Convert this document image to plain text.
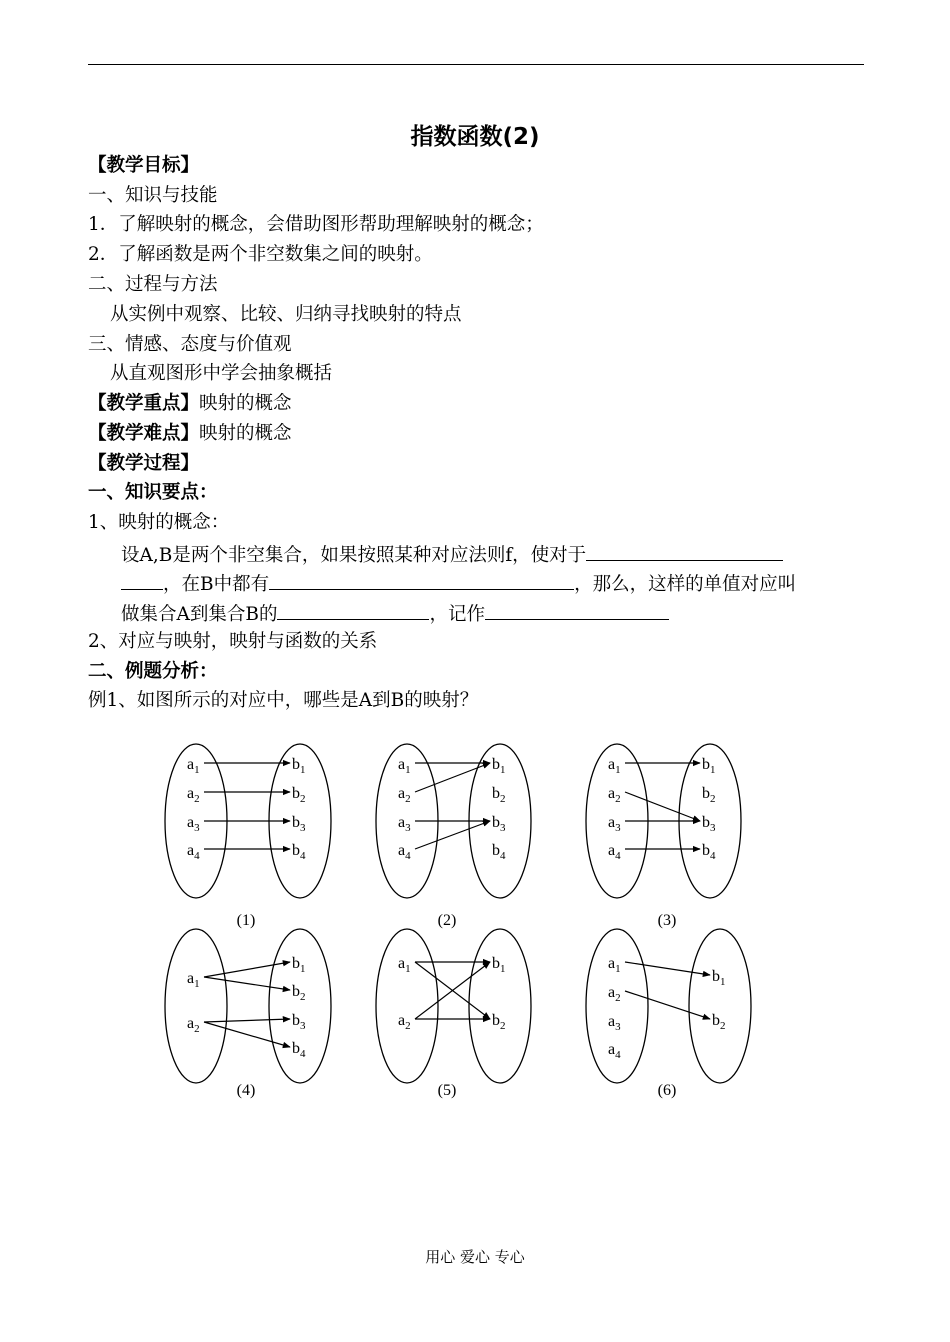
指数函数(2)
【教学目标】
一、知识与技能
1．了解映射的概念，会借助图形帮助理解映射的概念；
2．了解函数是两个非空数集之间的映射。
二、过程与方法
从实例中观察、比较、归纳寻找映射的特点
三、情感、态度与价值观
从直观图形中学会抽象概括
【教学重点】映射的概念
【教学难点】映射的概念
【教学过程】
一、知识要点：
1、映射的概念：
设A,B是两个非空集合，如果按照某种对应法则f，使对于
，在B中都有	，那么，这样的单值对应叫
做集合A到集合B的	，记作
2、对应与映射，映射与函数的关系
二、例题分析：
例1、如图所示的对应中，哪些是A到B的映射？
$a_1$
$a_2$
$a_3$
$a_4$
$b_1$
$b_2$
$b_3$
$b_4$
(1)
$a_1$
$a_2$
$a_3$
$a_4$
$b_1$
$b_2$
$b_3$
$b_4$
(2)
$a_1$
$a_2$
$a_3$
$a_4$
$b_1$
$b_2$
$b_3$
$b_4$
(3)
$a_1$
$a_2$
$b_1$
$b_2$
$b_3$
$b_4$
(4)
$a_1$
$a_2$
$b_1$
$b_2$
(5)
$a_1$
$a_2$
$a_3$
$a_4$
$b_1$
$b_2$
(6)
用心 爱心 专心
